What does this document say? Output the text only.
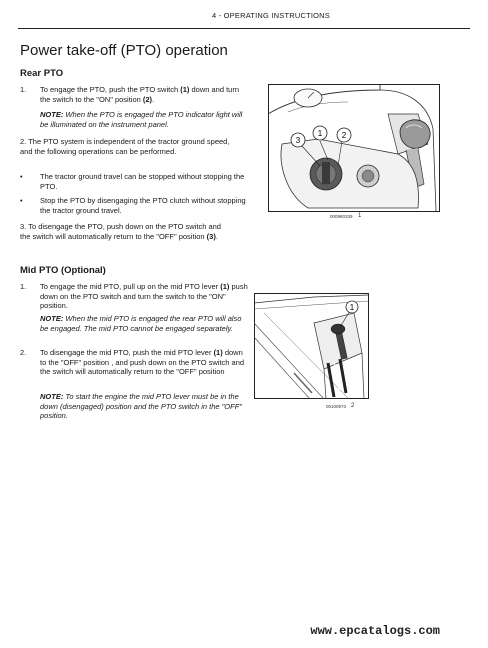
4 - OPERATING INSTRUCTIONS
Power take-off (PTO) operation
Rear PTO
1. To engage the PTO, push the PTO switch (1) down and turn the switch to the "ON" position (2).
NOTE: When the PTO is engaged the PTO indicator light will be illuminated on the instrument panel.
2. The PTO system is independent of the tractor ground speed, and the following operations can be performed.
• The tractor ground travel can be stopped without stopping the PTO.
• Stop the PTO by disengaging the PTO clutch without stopping the tractor ground travel.
3. To disengage the PTO, push down on the PTO switch and the switch will automatically return to the "OFF" position (3).
Mid PTO (Optional)
1. To engage the mid PTO, pull up on the mid PTO lever (1) push down on the PTO switch and turn the switch to the "ON" position.
NOTE: When the mid PTO is engaged the rear PTO will also be engaged. The mid PTO cannot be engaged separately.
2. To disengage the mid PTO, push the mid PTO lever (1) down to the "OFF" position , and push down on the PTO switch and the switch will automatically return to the "OFF" position
NOTE: To start the engine the mid PTO lever must be in the down (disengaged) position and the PTO switch in the "OFF" position.
3
1 2
000960339 1
1
00100973 2
www.epcatalogs.com
